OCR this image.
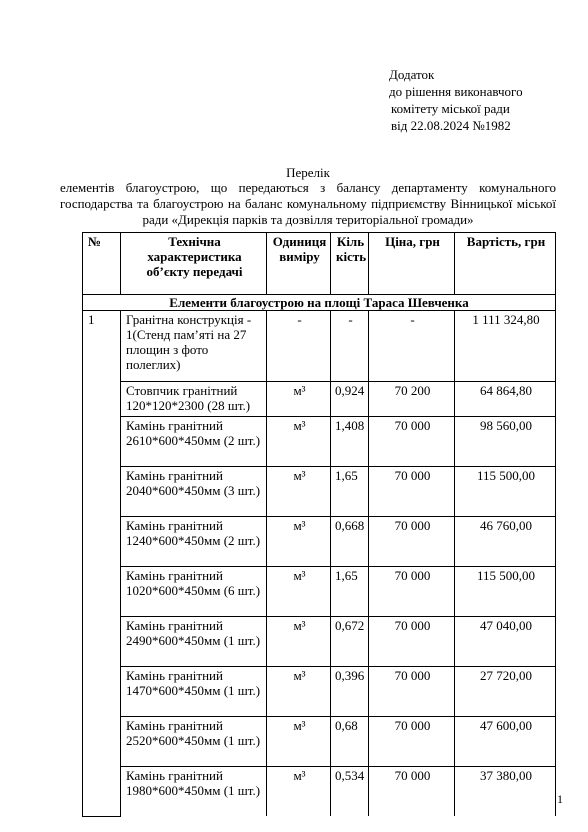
Додаток
до рішення виконавчого
комітету міської ради
від 22.08.2024 №1982
Перелік
елементів благоустрою, що передаються з балансу департаменту комунального господарства та благоустрою на баланс комунальному підприємству Вінницької міської ради «Дирекція парків та дозвілля територіальної громади»
№	Технічна характеристика об’єкту передачі	Одиниця виміру	Кіль кість	Ціна, грн	Вартість, грн
Елементи благоустрою на площі Тараса Шевченка					
1	Гранітна конструкція - 1(Стенд пам’яті на 27 площин з фото полеглих)	-	-	-	1 111 324,80
	Стовпчик гранітний 120*120*2300 (28 шт.)	м³	0,924	70 200	64 864,80
	Камінь гранітний 2610*600*450мм (2 шт.)	м³	1,408	70 000	98 560,00
	Камінь гранітний 2040*600*450мм (3 шт.)	м³	1,65	70 000	115 500,00
	Камінь гранітний 1240*600*450мм (2 шт.)	м³	0,668	70 000	46 760,00
	Камінь гранітний 1020*600*450мм (6 шт.)	м³	1,65	70 000	115 500,00
	Камінь гранітний 2490*600*450мм (1 шт.)	м³	0,672	70 000	47 040,00
	Камінь гранітний 1470*600*450мм (1 шт.)	м³	0,396	70 000	27 720,00
	Камінь гранітний 2520*600*450мм (1 шт.)	м³	0,68	70 000	47 600,00
	Камінь гранітний 1980*600*450мм (1 шт.)	м³	0,534	70 000	37 380,00
1
